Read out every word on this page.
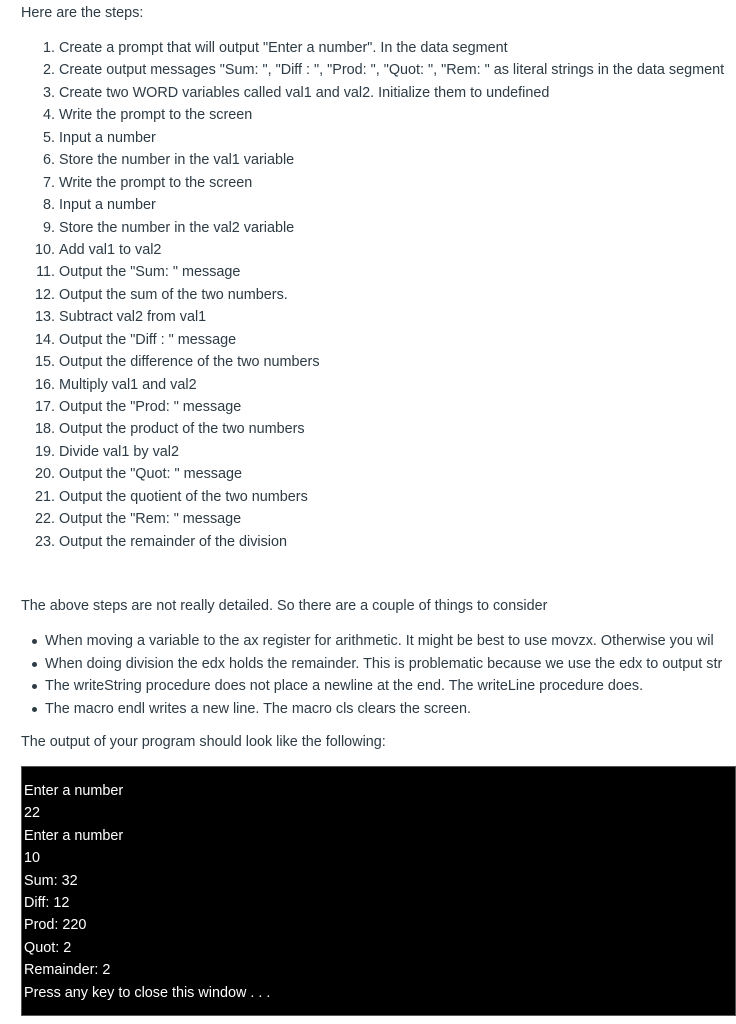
Here are the steps:

1. Create a prompt that will output "Enter a number". In the data segment
2. Create output messages "Sum: ", "Diff : ", "Prod: ", "Quot: ", "Rem: " as literal strings in the data segment
3. Create two WORD variables called val1 and val2. Initialize them to undefined
4. Write the prompt to the screen
5. Input a number
6. Store the number in the val1 variable
7. Write the prompt to the screen
8. Input a number
9. Store the number in the val2 variable
10. Add val1 to val2
11. Output the "Sum: " message
12. Output the sum of the two numbers.
13. Subtract val2 from val1
14. Output the "Diff : " message
15. Output the difference of the two numbers
16. Multiply val1 and val2
17. Output the "Prod: " message
18. Output the product of the two numbers
19. Divide val1 by val2
20. Output the "Quot: " message
21. Output the quotient of the two numbers
22. Output the "Rem: " message
23. Output the remainder of the division

The above steps are not really detailed. So there are a couple of things to consider

When moving a variable to the ax register for arithmetic. It might be best to use movzx. Otherwise you wil
When doing division the edx holds the remainder. This is problematic because we use the edx to output str
The writeString procedure does not place a newline at the end. The writeLine procedure does.
The macro endl writes a new line. The macro cls clears the screen.

The output of your program should look like the following:

Enter a number
22
Enter a number
10
Sum: 32
Diff: 12
Prod: 220
Quot: 2
Remainder: 2
Press any key to close this window . . .
